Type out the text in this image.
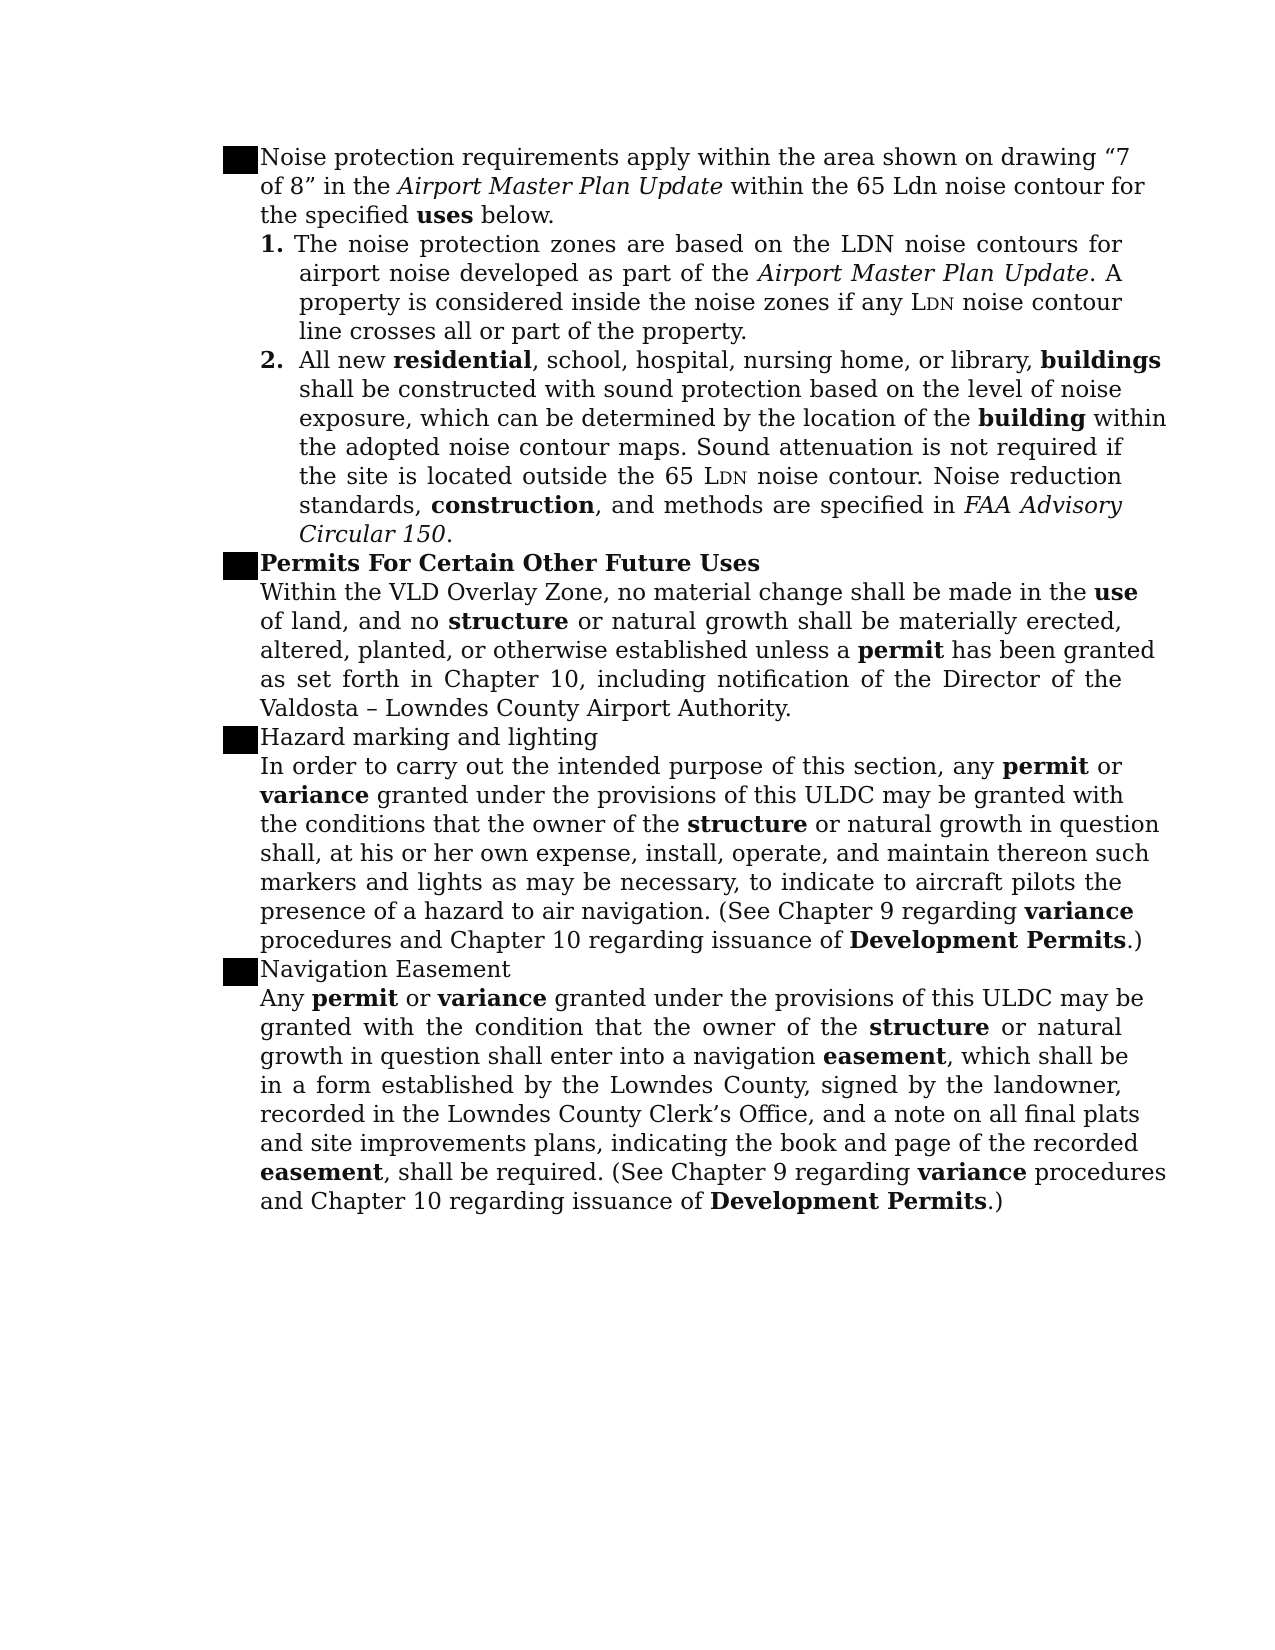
Noise protection requirements apply within the area shown on drawing “7
of 8” in the Airport Master Plan Update within the 65 Ldn noise contour for
the specified uses below.
1. The noise protection zones are based on the LDN noise contours for
airport noise developed as part of the Airport Master Plan Update. A
property is considered inside the noise zones if any LDN noise contour
line crosses all or part of the property.
2. All new residential, school, hospital, nursing home, or library, buildings
shall be constructed with sound protection based on the level of noise
exposure, which can be determined by the location of the building within
the adopted noise contour maps. Sound attenuation is not required if
the site is located outside the 65 LDN noise contour. Noise reduction
standards, construction, and methods are specified in FAA Advisory
Circular 150.
Permits For Certain Other Future Uses
Within the VLD Overlay Zone, no material change shall be made in the use
of land, and no structure or natural growth shall be materially erected,
altered, planted, or otherwise established unless a permit has been granted
as set forth in Chapter 10, including notification of the Director of the
Valdosta – Lowndes County Airport Authority.
Hazard marking and lighting
In order to carry out the intended purpose of this section, any permit or
variance granted under the provisions of this ULDC may be granted with
the conditions that the owner of the structure or natural growth in question
shall, at his or her own expense, install, operate, and maintain thereon such
markers and lights as may be necessary, to indicate to aircraft pilots the
presence of a hazard to air navigation. (See Chapter 9 regarding variance
procedures and Chapter 10 regarding issuance of Development Permits.)
Navigation Easement
Any permit or variance granted under the provisions of this ULDC may be
granted with the condition that the owner of the structure or natural
growth in question shall enter into a navigation easement, which shall be
in a form established by the Lowndes County, signed by the landowner,
recorded in the Lowndes County Clerk’s Office, and a note on all final plats
and site improvements plans, indicating the book and page of the recorded
easement, shall be required. (See Chapter 9 regarding variance procedures
and Chapter 10 regarding issuance of Development Permits.)
